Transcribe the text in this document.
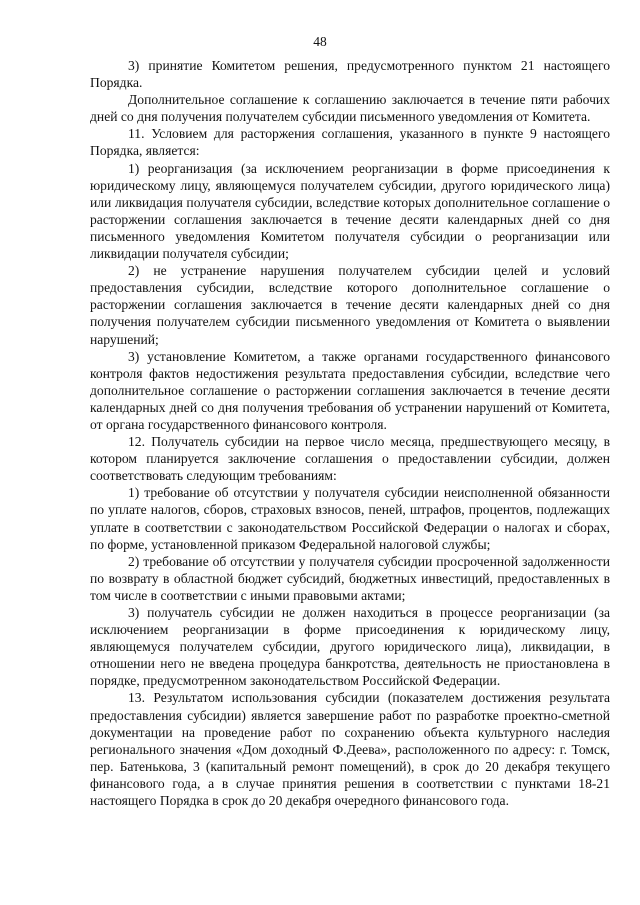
48

3) принятие Комитетом решения, предусмотренного пунктом 21 настоящего Порядка.

Дополнительное соглашение к соглашению заключается в течение пяти рабочих дней со дня получения получателем субсидии письменного уведомления от Комитета.

11. Условием для расторжения соглашения, указанного в пункте 9 настоящего Порядка, является:

1) реорганизация (за исключением реорганизации в форме присоединения к юридическому лицу, являющемуся получателем субсидии, другого юридического лица) или ликвидация получателя субсидии, вследствие которых дополнительное соглашение о расторжении соглашения заключается в течение десяти календарных дней со дня письменного уведомления Комитетом получателя субсидии о реорганизации или ликвидации получателя субсидии;

2) не устранение нарушения получателем субсидии целей и условий предоставления субсидии, вследствие которого дополнительное соглашение о расторжении соглашения заключается в течение десяти календарных дней со дня получения получателем субсидии письменного уведомления от Комитета о выявлении нарушений;

3) установление Комитетом, а также органами государственного финансового контроля фактов недостижения результата предоставления субсидии, вследствие чего дополнительное соглашение о расторжении соглашения заключается в течение десяти календарных дней со дня получения требования об устранении нарушений от Комитета, от органа государственного финансового контроля.

12. Получатель субсидии на первое число месяца, предшествующего месяцу, в котором планируется заключение соглашения о предоставлении субсидии, должен соответствовать следующим требованиям:

1) требование об отсутствии у получателя субсидии неисполненной обязанности по уплате налогов, сборов, страховых взносов, пеней, штрафов, процентов, подлежащих уплате в соответствии с законодательством Российской Федерации о налогах и сборах, по форме, установленной приказом Федеральной налоговой службы;

2) требование об отсутствии у получателя субсидии просроченной задолженности по возврату в областной бюджет субсидий, бюджетных инвестиций, предоставленных в том числе в соответствии с иными правовыми актами;

3) получатель субсидии не должен находиться в процессе реорганизации (за исключением реорганизации в форме присоединения к юридическому лицу, являющемуся получателем субсидии, другого юридического лица), ликвидации, в отношении него не введена процедура банкротства, деятельность не приостановлена в порядке, предусмотренном законодательством Российской Федерации.

13. Результатом использования субсидии (показателем достижения результата предоставления субсидии) является завершение работ по разработке проектно-сметной документации на проведение работ по сохранению объекта культурного наследия регионального значения «Дом доходный Ф.Деева», расположенного по адресу: г. Томск, пер. Батенькова, 3 (капитальный ремонт помещений), в срок до 20 декабря текущего финансового года, а в случае принятия решения в соответствии с пунктами 18-21 настоящего Порядка в срок до 20 декабря очередного финансового года.
